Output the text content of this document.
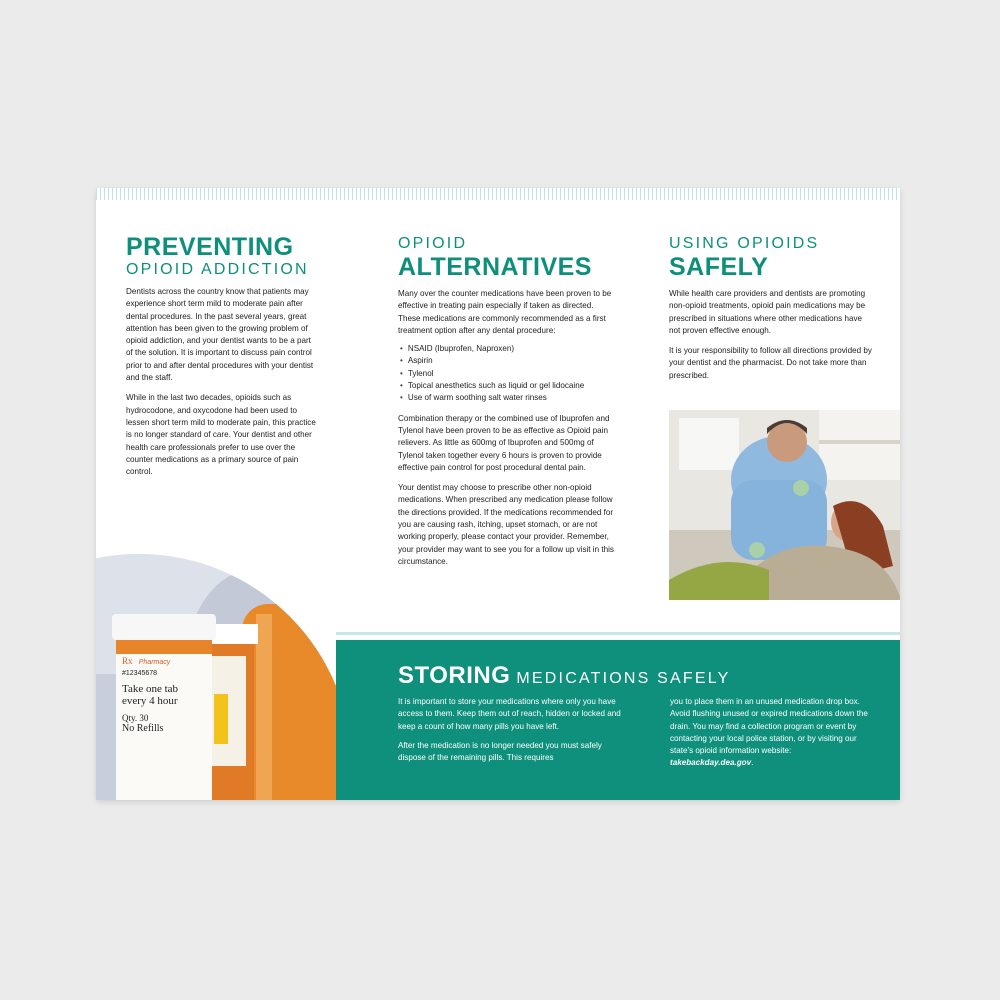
PREVENTING
OPIOID ADDICTION

Dentists across the country know that patients may experience short term mild to moderate pain after dental procedures. In the past several years, great attention has been given to the growing problem of opioid addiction, and your dentist wants to be a part of the solution. It is important to discuss pain control prior to and after dental procedures with your dentist and the staff.

While in the last two decades, opioids such as hydrocodone, and oxycodone had been used to lessen short term mild to moderate pain, this practice is no longer standard of care. Your dentist and other health care professionals prefer to use over the counter medications as a primary source of pain control.

OPIOID
ALTERNATIVES

Many over the counter medications have been proven to be effective in treating pain especially if taken as directed. These medications are commonly recommended as a first treatment option after any dental procedure:

• NSAID (Ibuprofen, Naproxen)
• Aspirin
• Tylenol
• Topical anesthetics such as liquid or gel lidocaine
• Use of warm soothing salt water rinses

Combination therapy or the combined use of Ibuprofen and Tylenol have been proven to be as effective as Opioid pain relievers. As little as 600mg of Ibuprofen and 500mg of Tylenol taken together every 6 hours is proven to provide effective pain control for post procedural dental pain.

Your dentist may choose to prescribe other non-opioid medications. When prescribed any medication please follow the directions provided. If the medications recommended for you are causing rash, itching, upset stomach, or are not working properly, please contact your provider. Remember, your provider may want to see you for a follow up visit in this circumstance.

USING OPIOIDS
SAFELY

While health care providers and dentists are promoting non-opioid treatments, opioid pain medications may be prescribed in situations where other medications have not proven effective enough.

It is your responsibility to follow all directions provided by your dentist and the pharmacist. Do not take more than prescribed.

Rx Pharmacy
#12345678
Take one tab
every 4 hour
Qty. 30
No Refills
STORING MEDICATIONS SAFELY

It is important to store your medications where only you have access to them. Keep them out of reach, hidden or locked and keep a count of how many pills you have left.

After the medication is no longer needed you must safely dispose of the remaining pills. This requires

you to place them in an unused medication drop box. Avoid flushing unused or expired medications down the drain. You may find a collection program or event by contacting your local police station, or by visiting our state's opioid information website: takebackday.dea.gov.
